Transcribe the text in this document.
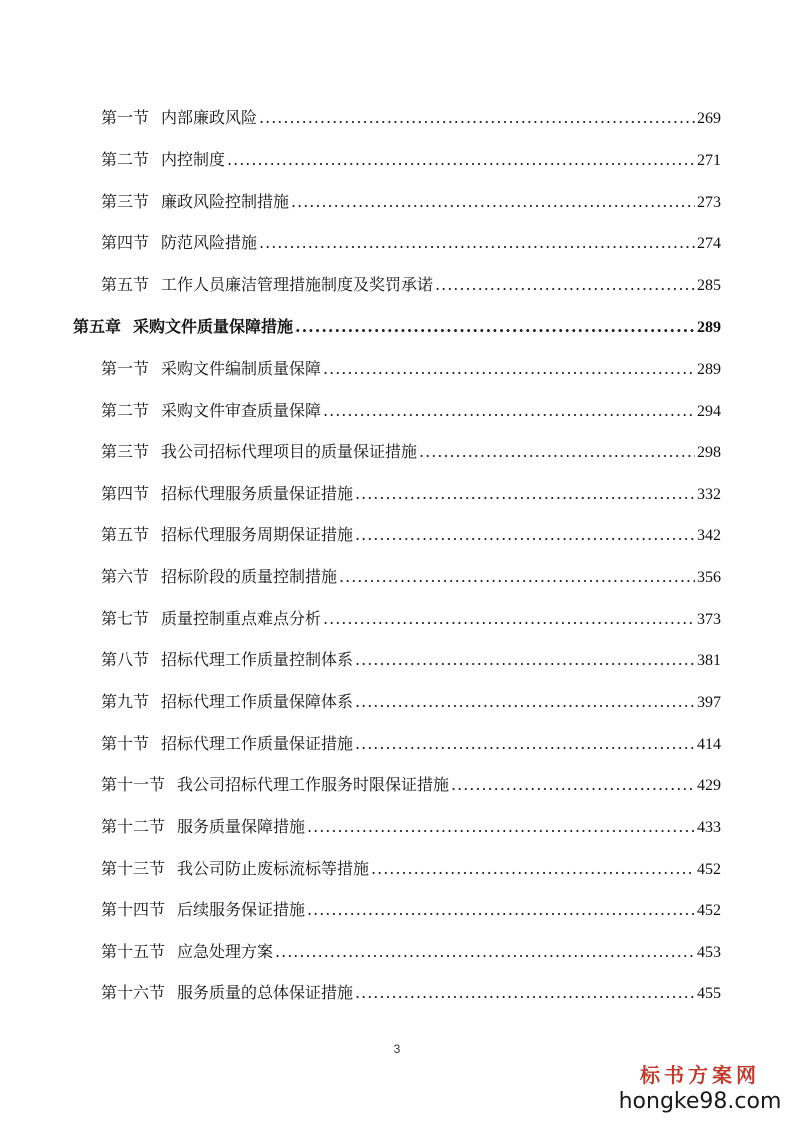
第一节 内部廉政风险 .....	269
第二节 内控制度 .....	271
第三节 廉政风险控制措施 .....	273
第四节 防范风险措施 .....	274
第五节 工作人员廉洁管理措施制度及奖罚承诺 .....	285
第五章 采购文件质量保障措施 .....	289
第一节 采购文件编制质量保障 .....	289
第二节 采购文件审查质量保障 .....	294
第三节 我公司招标代理项目的质量保证措施 .....	298
第四节 招标代理服务质量保证措施 .....	332
第五节 招标代理服务周期保证措施 .....	342
第六节 招标阶段的质量控制措施 .....	356
第七节 质量控制重点难点分析 .....	373
第八节 招标代理工作质量控制体系 .....	381
第九节 招标代理工作质量保障体系 .....	397
第十节 招标代理工作质量保证措施 .....	414
第十一节 我公司招标代理工作服务时限保证措施 .....	429
第十二节 服务质量保障措施 .....	433
第十三节 我公司防止废标流标等措施 .....	452
第十四节 后续服务保证措施 .....	452
第十五节 应急处理方案 .....	453
第十六节 服务质量的总体保证措施 .....	455
3
标书方案网
hongke98.com
